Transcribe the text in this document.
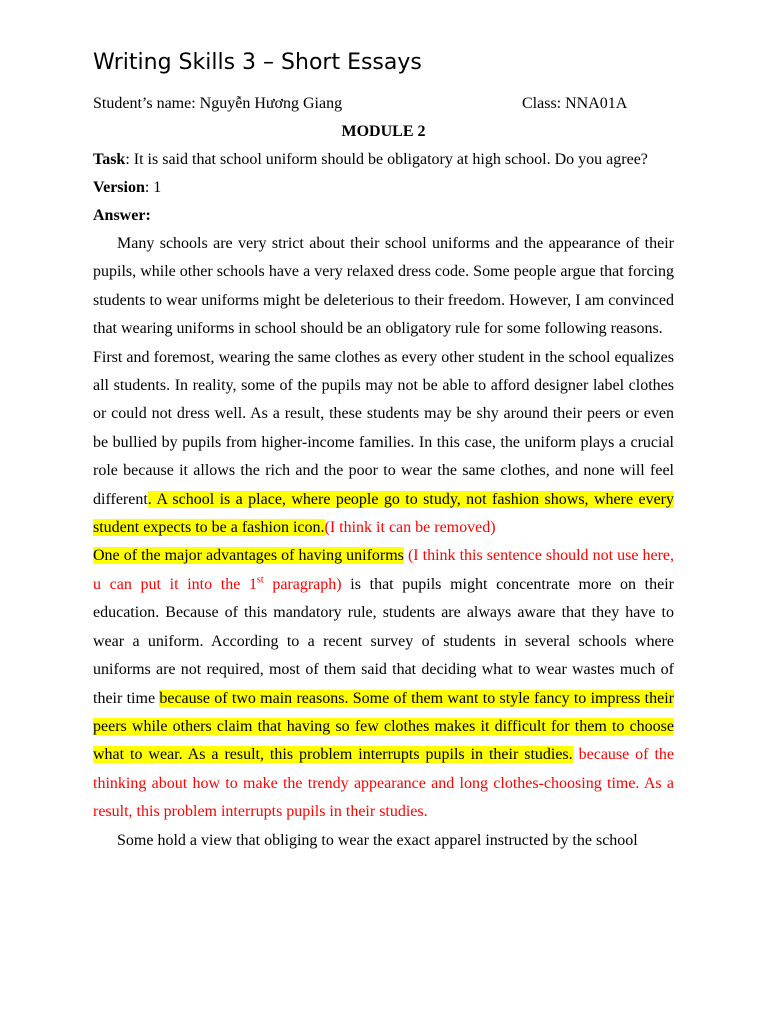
Writing Skills 3 – Short Essays
Student’s name: Nguyễn Hương Giang	Class: NNA01A
MODULE 2
Task: It is said that school uniform should be obligatory at high school. Do you agree?
Version: 1
Answer:

Many schools are very strict about their school uniforms and the appearance of their pupils, while other schools have a very relaxed dress code. Some people argue that forcing students to wear uniforms might be deleterious to their freedom. However, I am convinced that wearing uniforms in school should be an obligatory rule for some following reasons.

First and foremost, wearing the same clothes as every other student in the school equalizes all students. In reality, some of the pupils may not be able to afford designer label clothes or could not dress well. As a result, these students may be shy around their peers or even be bullied by pupils from higher-income families. In this case, the uniform plays a crucial role because it allows the rich and the poor to wear the same clothes, and none will feel different. A school is a place, where people go to study, not fashion shows, where every student expects to be a fashion icon.(I think it can be removed)

One of the major advantages of having uniforms (I think this sentence should not use here, u can put it into the 1st paragraph) is that pupils might concentrate more on their education. Because of this mandatory rule, students are always aware that they have to wear a uniform. According to a recent survey of students in several schools where uniforms are not required, most of them said that deciding what to wear wastes much of their time because of two main reasons. Some of them want to style fancy to impress their peers while others claim that having so few clothes makes it difficult for them to choose what to wear. As a result, this problem interrupts pupils in their studies. because of the thinking about how to make the trendy appearance and long clothes-choosing time. As a result, this problem interrupts pupils in their studies.

Some hold a view that obliging to wear the exact apparel instructed by the school
